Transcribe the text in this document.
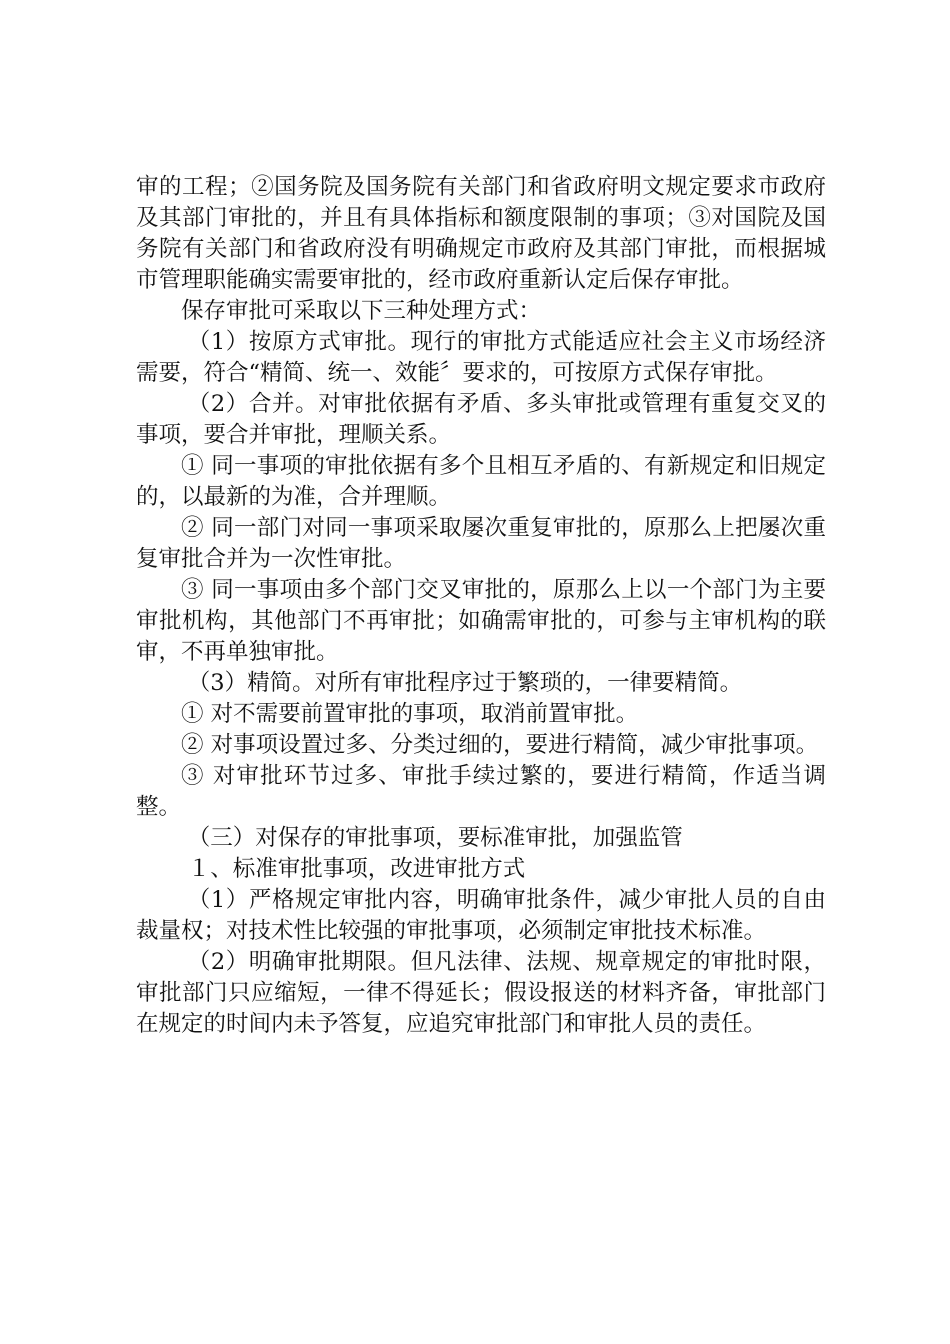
审的工程；②国务院及国务院有关部门和省政府明文规定要求市政府及其部门审批的，并且有具体指标和额度限制的事项；③对国院及国务院有关部门和省政府没有明确规定市政府及其部门审批，而根据城市管理职能确实需要审批的，经市政府重新认定后保存审批。

保存审批可采取以下三种处理方式：

（1）按原方式审批。现行的审批方式能适应社会主义市场经济需要，符合“精简、统一、效能〞要求的，可按原方式保存审批。

（2）合并。对审批依据有矛盾、多头审批或管理有重复交叉的事项，要合并审批，理顺关系。

① 同一事项的审批依据有多个且相互矛盾的、有新规定和旧规定的，以最新的为准，合并理顺。

② 同一部门对同一事项采取屡次重复审批的，原那么上把屡次重复审批合并为一次性审批。

③ 同一事项由多个部门交叉审批的，原那么上以一个部门为主要审批机构，其他部门不再审批；如确需审批的，可参与主审机构的联审，不再单独审批。

（3）精简。对所有审批程序过于繁琐的，一律要精简。

① 对不需要前置审批的事项，取消前置审批。

② 对事项设置过多、分类过细的，要进行精简，减少审批事项。

③ 对审批环节过多、审批手续过繁的，要进行精简，作适当调整。

（三）对保存的审批事项，要标准审批，加强监管

１、标准审批事项，改进审批方式

（1）严格规定审批内容，明确审批条件，减少审批人员的自由裁量权；对技术性比较强的审批事项，必须制定审批技术标准。

（2）明确审批期限。但凡法律、法规、规章规定的审批时限，审批部门只应缩短，一律不得延长；假设报送的材料齐备，审批部门在规定的时间内未予答复，应追究审批部门和审批人员的责任。
